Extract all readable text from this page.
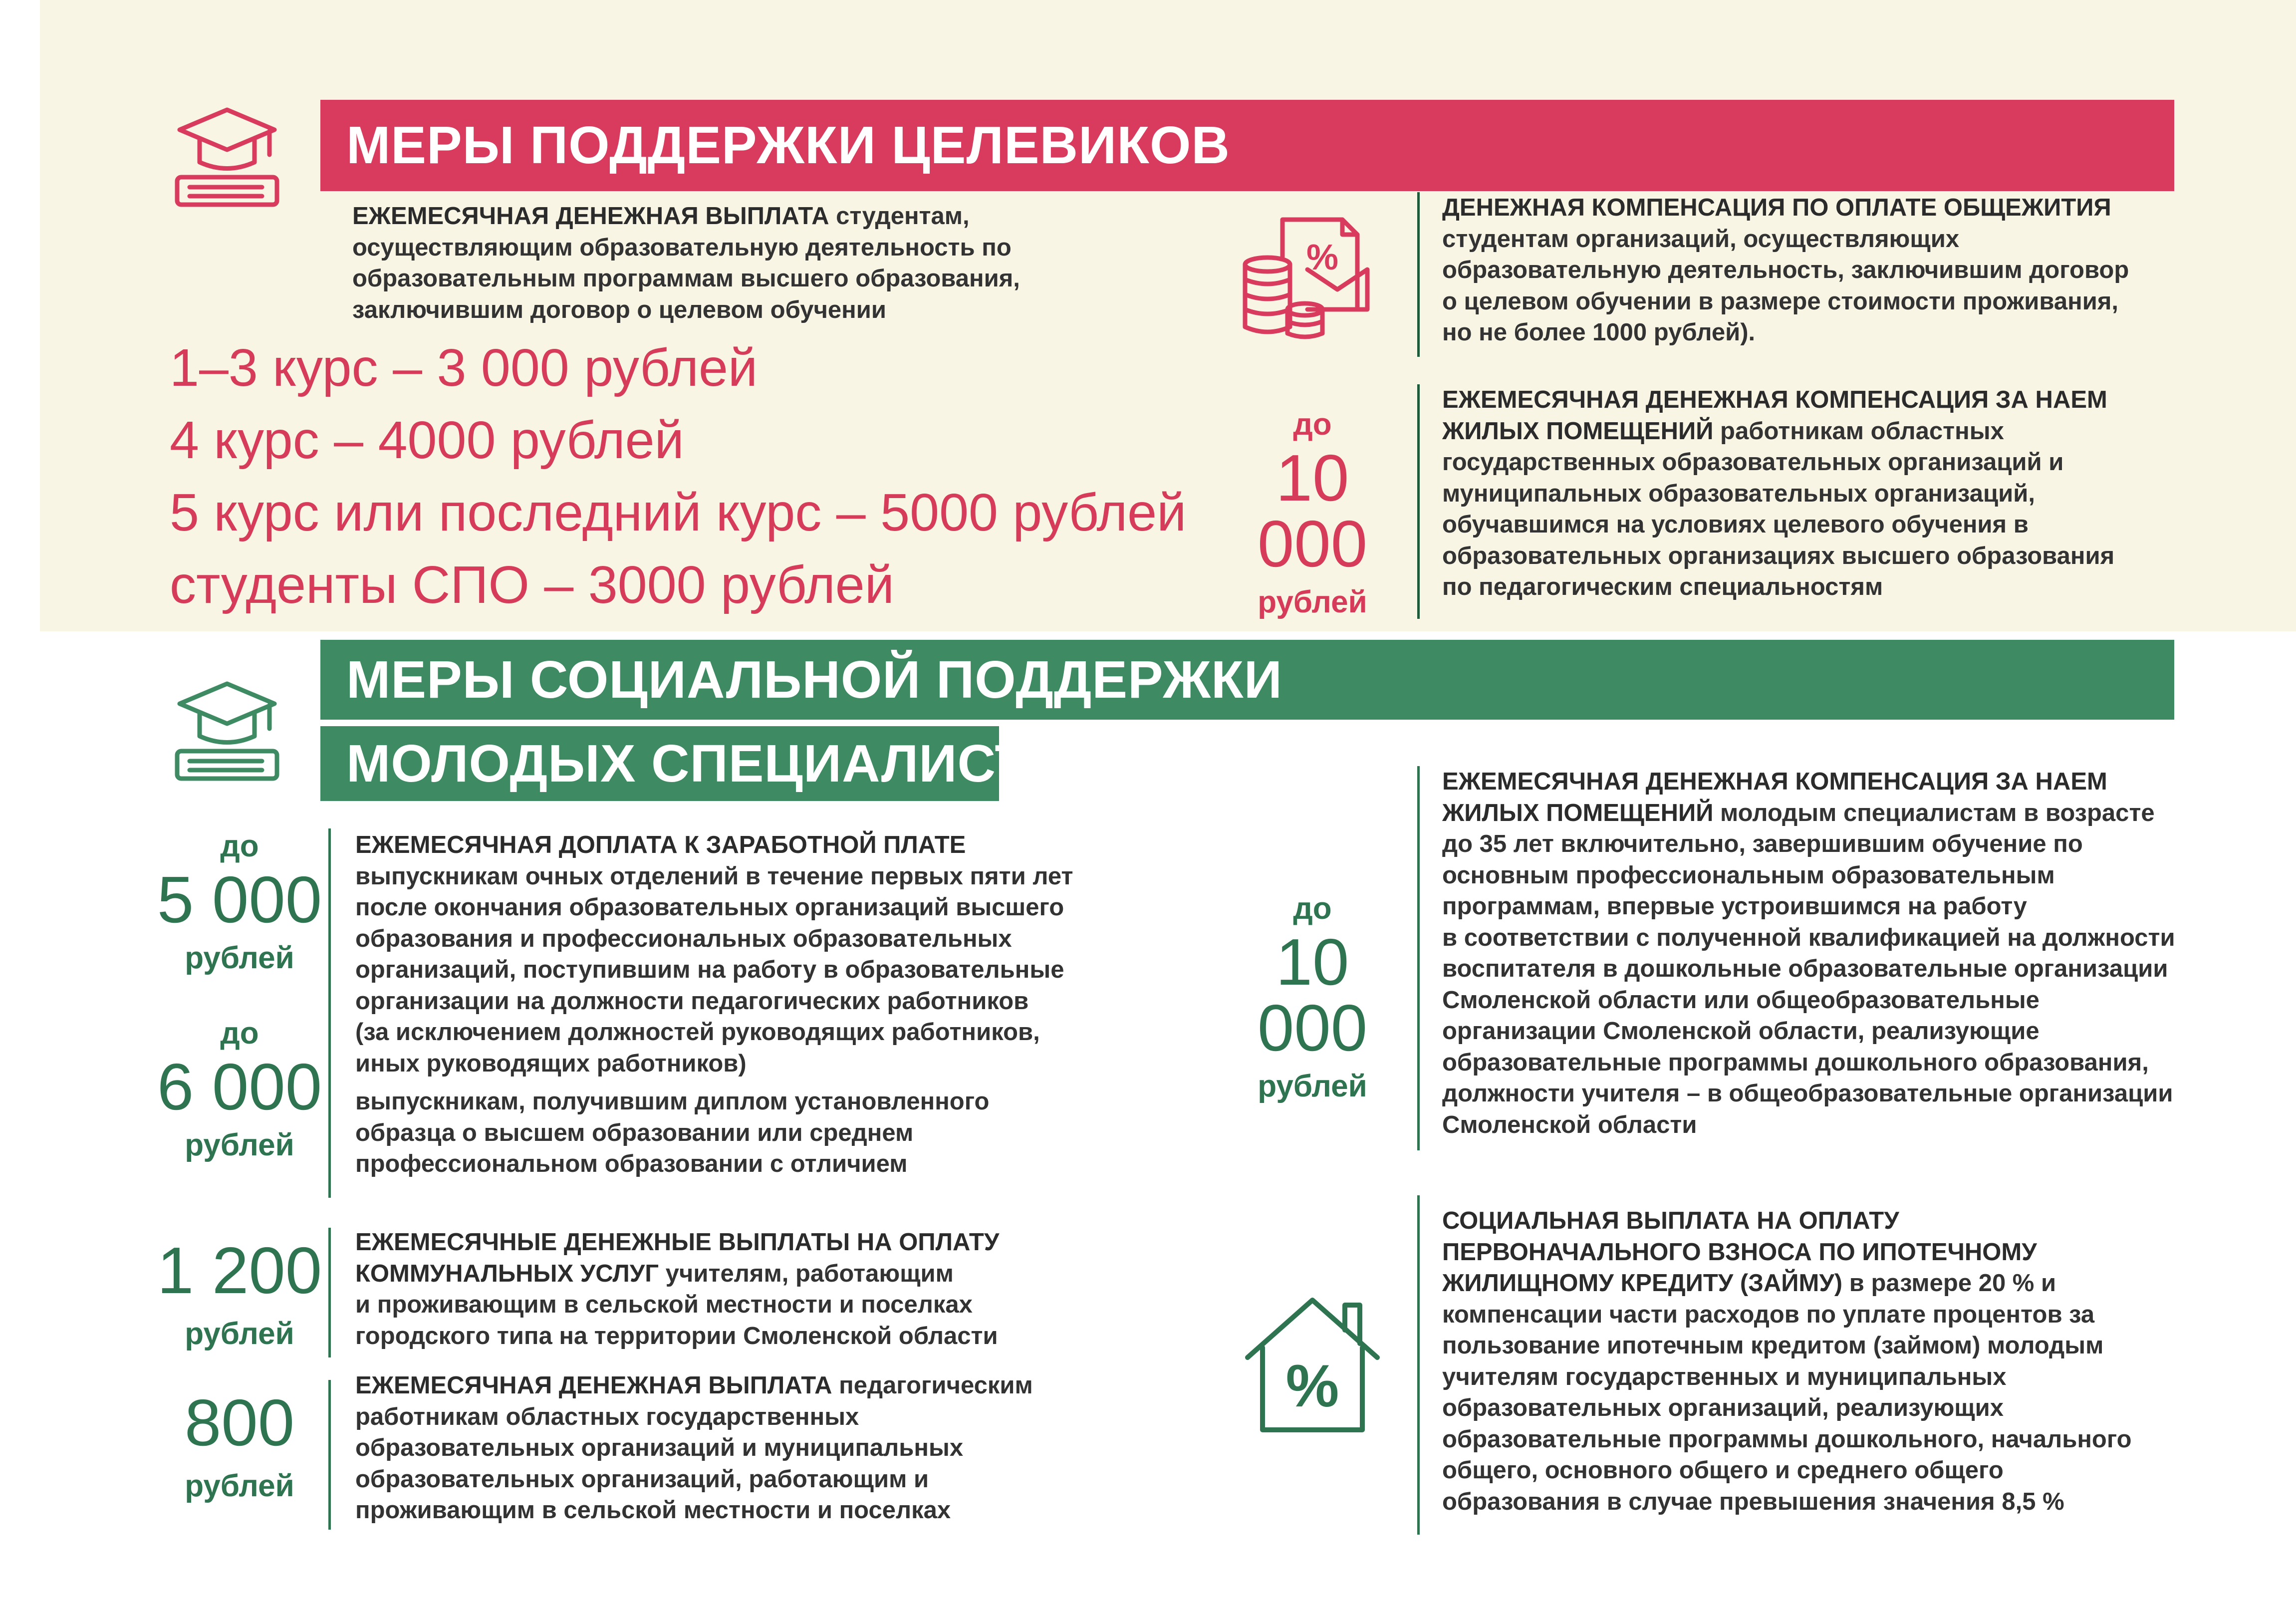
МЕРЫ ПОДДЕРЖКИ ЦЕЛЕВИКОВ
ЕЖЕМЕСЯЧНАЯ ДЕНЕЖНАЯ ВЫПЛАТА студентам,
осуществляющим образовательную деятельность по
образовательным программам высшего образования,
заключившим договор о целевом обучении
1–3 курс – 3 000 рублей
4 курс – 4000 рублей
5 курс или последний курс – 5000 рублей
студенты СПО – 3000 рублей
%
ДЕНЕЖНАЯ КОМПЕНСАЦИЯ ПО ОПЛАТЕ ОБЩЕЖИТИЯ
студентам организаций, осуществляющих
образовательную деятельность, заключившим договор
о целевом обучении в размере стоимости проживания,
но не более 1000 рублей).
до
10 000
рублей
ЕЖЕМЕСЯЧНАЯ ДЕНЕЖНАЯ КОМПЕНСАЦИЯ ЗА НАЕМ
ЖИЛЫХ ПОМЕЩЕНИЙ работникам областных
государственных образовательных организаций и
муниципальных образовательных организаций,
обучавшимся на условиях целевого обучения в
образовательных организациях высшего образования
по педагогическим специальностям
МЕРЫ СОЦИАЛЬНОЙ ПОДДЕРЖКИ
МОЛОДЫХ СПЕЦИАЛИСТОВ
до
5 000
рублей
до
6 000
рублей
ЕЖЕМЕСЯЧНАЯ ДОПЛАТА К ЗАРАБОТНОЙ ПЛАТЕ
выпускникам очных отделений в течение первых пяти лет
после окончания образовательных организаций высшего
образования и профессиональных образовательных
организаций, поступившим на работу в образовательные
организации на должности педагогических работников
(за исключением должностей руководящих работников,
иных руководящих работников)
выпускникам, получившим диплом установленного
образца о высшем образовании или среднем
профессиональном образовании с отличием
1 200
рублей
ЕЖЕМЕСЯЧНЫЕ ДЕНЕЖНЫЕ ВЫПЛАТЫ НА ОПЛАТУ
КОММУНАЛЬНЫХ УСЛУГ учителям, работающим
и проживающим в сельской местности и поселках
городского типа на территории Смоленской области
800
рублей
ЕЖЕМЕСЯЧНАЯ ДЕНЕЖНАЯ ВЫПЛАТА педагогическим
работникам областных государственных
образовательных организаций и муниципальных
образовательных организаций, работающим и
проживающим в сельской местности и поселках
до
10 000
рублей
ЕЖЕМЕСЯЧНАЯ ДЕНЕЖНАЯ КОМПЕНСАЦИЯ ЗА НАЕМ
ЖИЛЫХ ПОМЕЩЕНИЙ молодым специалистам в возрасте
до 35 лет включительно, завершившим обучение по
основным профессиональным образовательным
программам, впервые устроившимся на работу
в соответствии с полученной квалификацией на должности
воспитателя в дошкольные образовательные организации
Смоленской области или общеобразовательные
организации Смоленской области, реализующие
образовательные программы дошкольного образования,
должности учителя – в общеобразовательные организации
Смоленской области
%
СОЦИАЛЬНАЯ ВЫПЛАТА НА ОПЛАТУ
ПЕРВОНАЧАЛЬНОГО ВЗНОСА ПО ИПОТЕЧНОМУ
ЖИЛИЩНОМУ КРЕДИТУ (ЗАЙМУ) в размере 20 % и
компенсации части расходов по уплате процентов за
пользование ипотечным кредитом (займом) молодым
учителям государственных и муниципальных
образовательных организаций, реализующих
образовательные программы дошкольного, начального
общего, основного общего и среднего общего
образования в случае превышения значения 8,5 %
